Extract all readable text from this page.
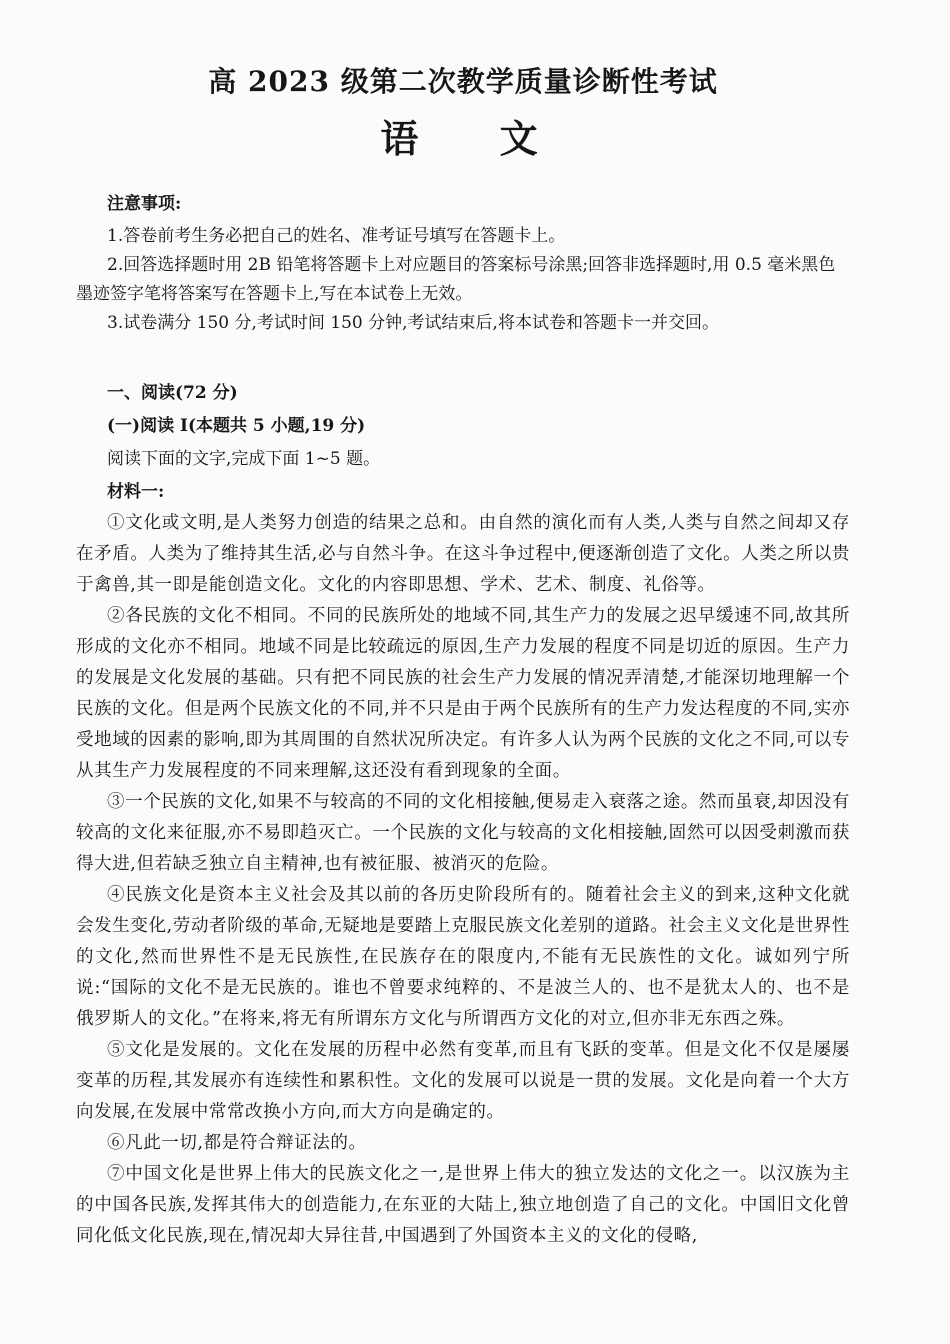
高 2023 级第二次教学质量诊断性考试
语 文
注意事项:

1.答卷前考生务必把自己的姓名、准考证号填写在答题卡上。

2.回答选择题时用 2B 铅笔将答题卡上对应题目的答案标号涂黑;回答非选择题时,用 0.5 毫米黑色墨迹签字笔将答案写在答题卡上,写在本试卷上无效。

3.试卷满分 150 分,考试时间 150 分钟,考试结束后,将本试卷和答题卡一并交回。

一、阅读(72 分)
(一)阅读 I(本题共 5 小题,19 分)
阅读下面的文字,完成下面 1~5 题。
材料一:

①文化或文明,是人类努力创造的结果之总和。由自然的演化而有人类,人类与自然之间却又存在矛盾。人类为了维持其生活,必与自然斗争。在这斗争过程中,便逐渐创造了文化。人类之所以贵于禽兽,其一即是能创造文化。文化的内容即思想、学术、艺术、制度、礼俗等。

②各民族的文化不相同。不同的民族所处的地域不同,其生产力的发展之迟早缓速不同,故其所形成的文化亦不相同。地域不同是比较疏远的原因,生产力发展的程度不同是切近的原因。生产力的发展是文化发展的基础。只有把不同民族的社会生产力发展的情况弄清楚,才能深切地理解一个民族的文化。但是两个民族文化的不同,并不只是由于两个民族所有的生产力发达程度的不同,实亦受地域的因素的影响,即为其周围的自然状况所决定。有许多人认为两个民族的文化之不同,可以专从其生产力发展程度的不同来理解,这还没有看到现象的全面。

③一个民族的文化,如果不与较高的不同的文化相接触,便易走入衰落之途。然而虽衰,却因没有较高的文化来征服,亦不易即趋灭亡。一个民族的文化与较高的文化相接触,固然可以因受刺激而获得大进,但若缺乏独立自主精神,也有被征服、被消灭的危险。

④民族文化是资本主义社会及其以前的各历史阶段所有的。随着社会主义的到来,这种文化就会发生变化,劳动者阶级的革命,无疑地是要踏上克服民族文化差别的道路。社会主义文化是世界性的文化,然而世界性不是无民族性,在民族存在的限度内,不能有无民族性的文化。诚如列宁所说:“国际的文化不是无民族的。谁也不曾要求纯粹的、不是波兰人的、也不是犹太人的、也不是俄罗斯人的文化。”在将来,将无有所谓东方文化与所谓西方文化的对立,但亦非无东西之殊。

⑤文化是发展的。文化在发展的历程中必然有变革,而且有飞跃的变革。但是文化不仅是屡屡变革的历程,其发展亦有连续性和累积性。文化的发展可以说是一贯的发展。文化是向着一个大方向发展,在发展中常常改换小方向,而大方向是确定的。

⑥凡此一切,都是符合辩证法的。

⑦中国文化是世界上伟大的民族文化之一,是世界上伟大的独立发达的文化之一。以汉族为主的中国各民族,发挥其伟大的创造能力,在东亚的大陆上,独立地创造了自己的文化。中国旧文化曾同化低文化民族,现在,情况却大异往昔,中国遇到了外国资本主义的文化的侵略,
